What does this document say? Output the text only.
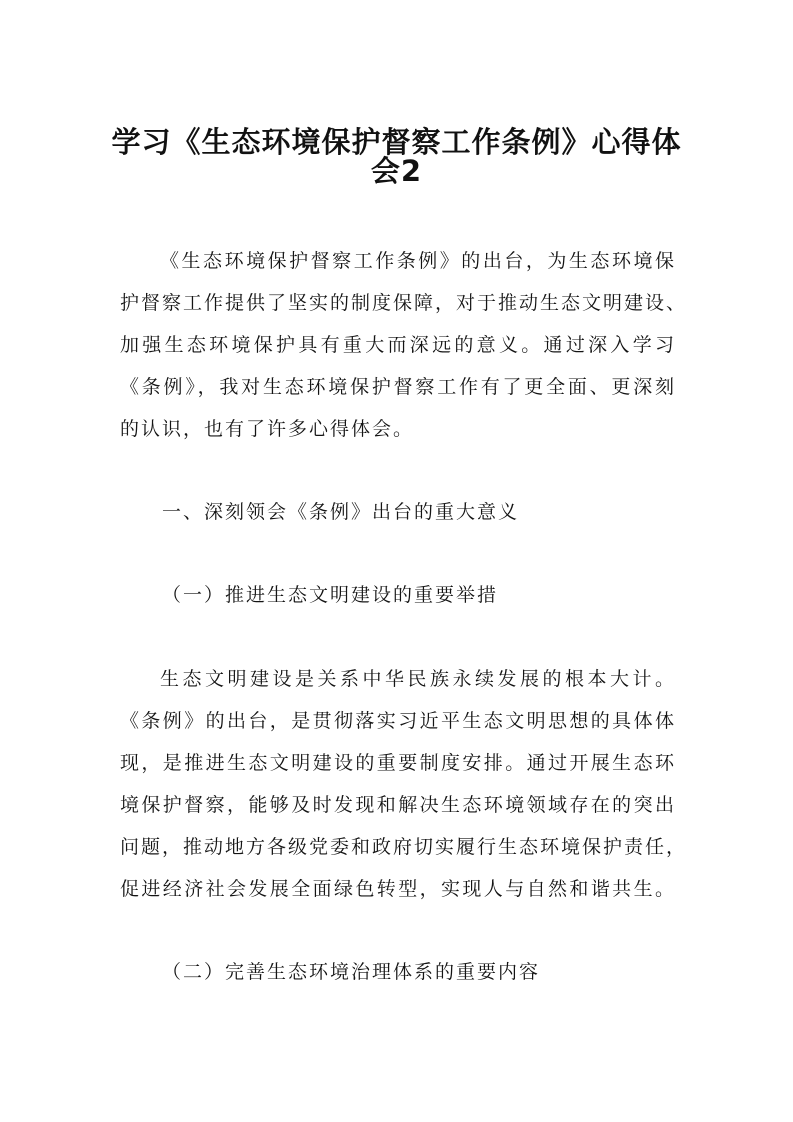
学习《生态环境保护督察工作条例》心得体
会2
《生态环境保护督察工作条例》的出台，为生态环境保
护督察工作提供了坚实的制度保障，对于推动生态文明建设、
加强生态环境保护具有重大而深远的意义。通过深入学习
《条例》，我对生态环境保护督察工作有了更全面、更深刻
的认识，也有了许多心得体会。
一、深刻领会《条例》出台的重大意义
（一）推进生态文明建设的重要举措
生态文明建设是关系中华民族永续发展的根本大计。
《条例》的出台，是贯彻落实习近平生态文明思想的具体体
现，是推进生态文明建设的重要制度安排。通过开展生态环
境保护督察，能够及时发现和解决生态环境领域存在的突出
问题，推动地方各级党委和政府切实履行生态环境保护责任，
促进经济社会发展全面绿色转型，实现人与自然和谐共生。
（二）完善生态环境治理体系的重要内容
